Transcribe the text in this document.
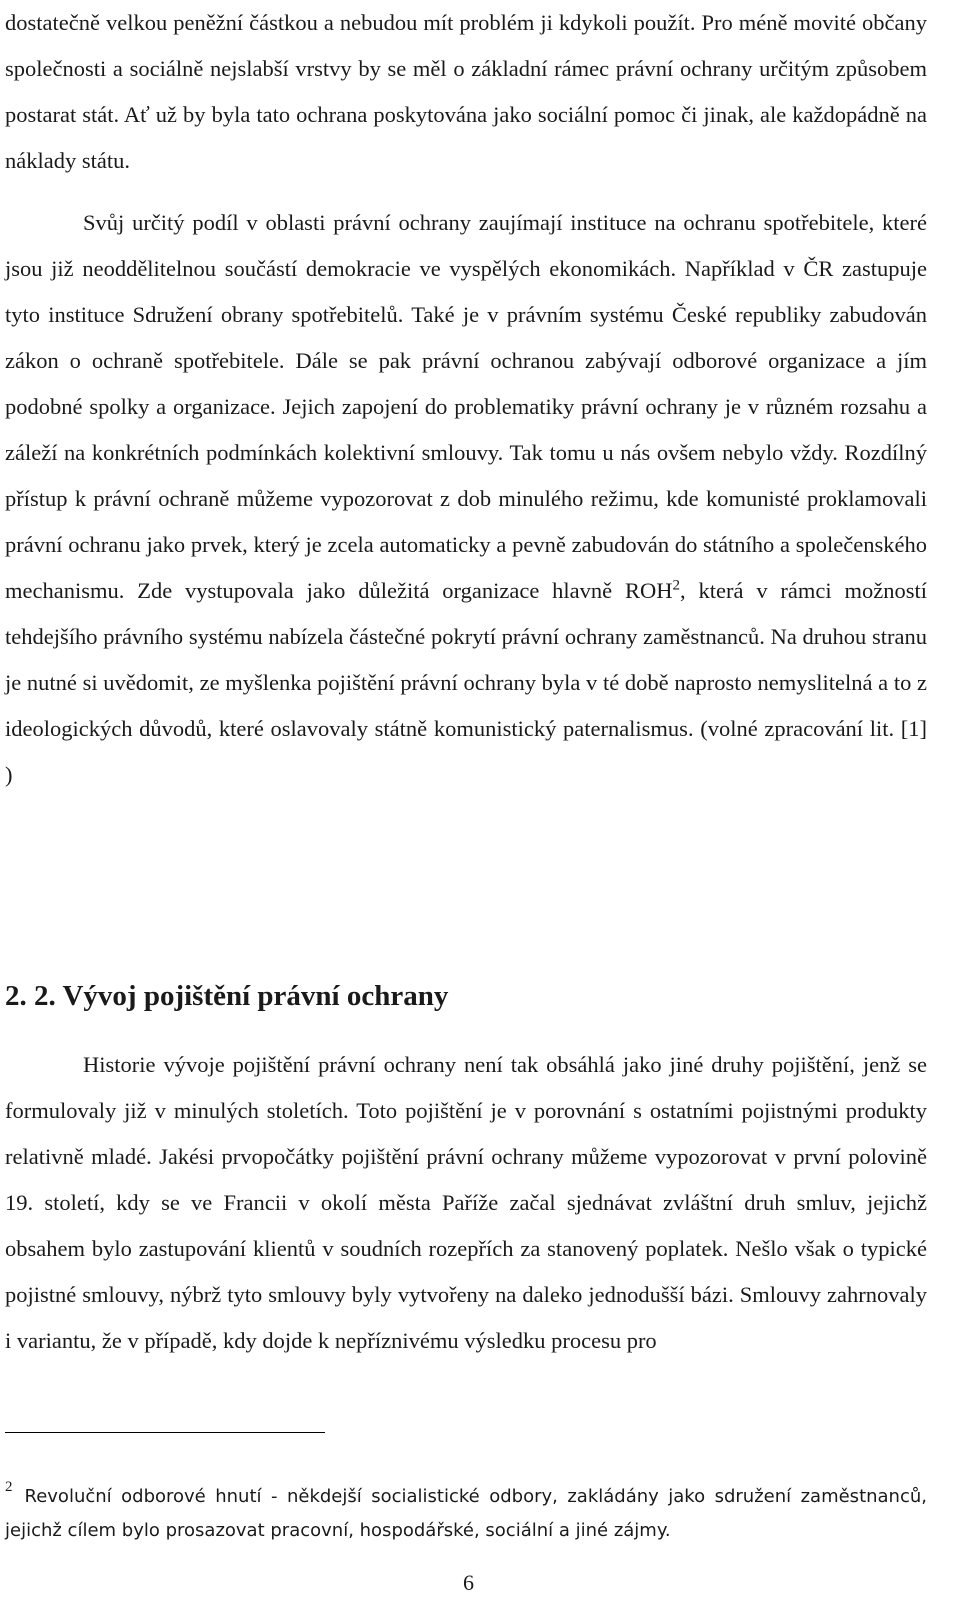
dostatečně velkou peněžní částkou a nebudou mít problém ji kdykoli použít. Pro méně movité občany společnosti a sociálně nejslabší vrstvy by se měl o základní rámec právní ochrany určitým způsobem postarat stát. Ať už by byla tato ochrana poskytována jako sociální pomoc či jinak, ale každopádně na náklady státu.

Svůj určitý podíl v oblasti právní ochrany zaujímají instituce na ochranu spotřebitele, které jsou již neoddělitelnou součástí demokracie ve vyspělých ekonomikách. Například v ČR zastupuje tyto instituce Sdružení obrany spotřebitelů. Také je v právním systému České republiky zabudován zákon o ochraně spotřebitele. Dále se pak právní ochranou zabývají odborové organizace a jím podobné spolky a organizace. Jejich zapojení do problematiky právní ochrany je v různém rozsahu a záleží na konkrétních podmínkách kolektivní smlouvy. Tak tomu u nás ovšem nebylo vždy. Rozdílný přístup k právní ochraně můžeme vypozorovat z dob minulého režimu, kde komunisté proklamovali právní ochranu jako prvek, který je zcela automaticky a pevně zabudován do státního a společenského mechanismu. Zde vystupovala jako důležitá organizace hlavně ROH$^2$, která v rámci možností tehdejšího právního systému nabízela částečné pokrytí právní ochrany zaměstnanců. Na druhou stranu je nutné si uvědomit, ze myšlenka pojištění právní ochrany byla v té době naprosto nemyslitelná a to z ideologických důvodů, které oslavovaly státně komunistický paternalismus. (volné zpracování lit. [1] )

2. 2. Vývoj pojištění právní ochrany

Historie vývoje pojištění právní ochrany není tak obsáhlá jako jiné druhy pojištění, jenž se formulovaly již v minulých stoletích. Toto pojištění je v porovnání s ostatními pojistnými produkty relativně mladé. Jakési prvopočátky pojištění právní ochrany můžeme vypozorovat v první polovině 19. století, kdy se ve Francii v okolí města Paříže začal sjednávat zvláštní druh smluv, jejichž obsahem bylo zastupování klientů v soudních rozepřích za stanovený poplatek. Nešlo však o typické pojistné smlouvy, nýbrž tyto smlouvy byly vytvořeny na daleko jednodušší bázi. Smlouvy zahrnovaly i variantu, že v případě, kdy dojde k nepříznivému výsledku procesu pro

$^2$ Revoluční odborové hnutí - někdejší socialistické odbory, zakládány jako sdružení zaměstnanců, jejichž cílem bylo prosazovat pracovní, hospodářské, sociální a jiné zájmy.

6
